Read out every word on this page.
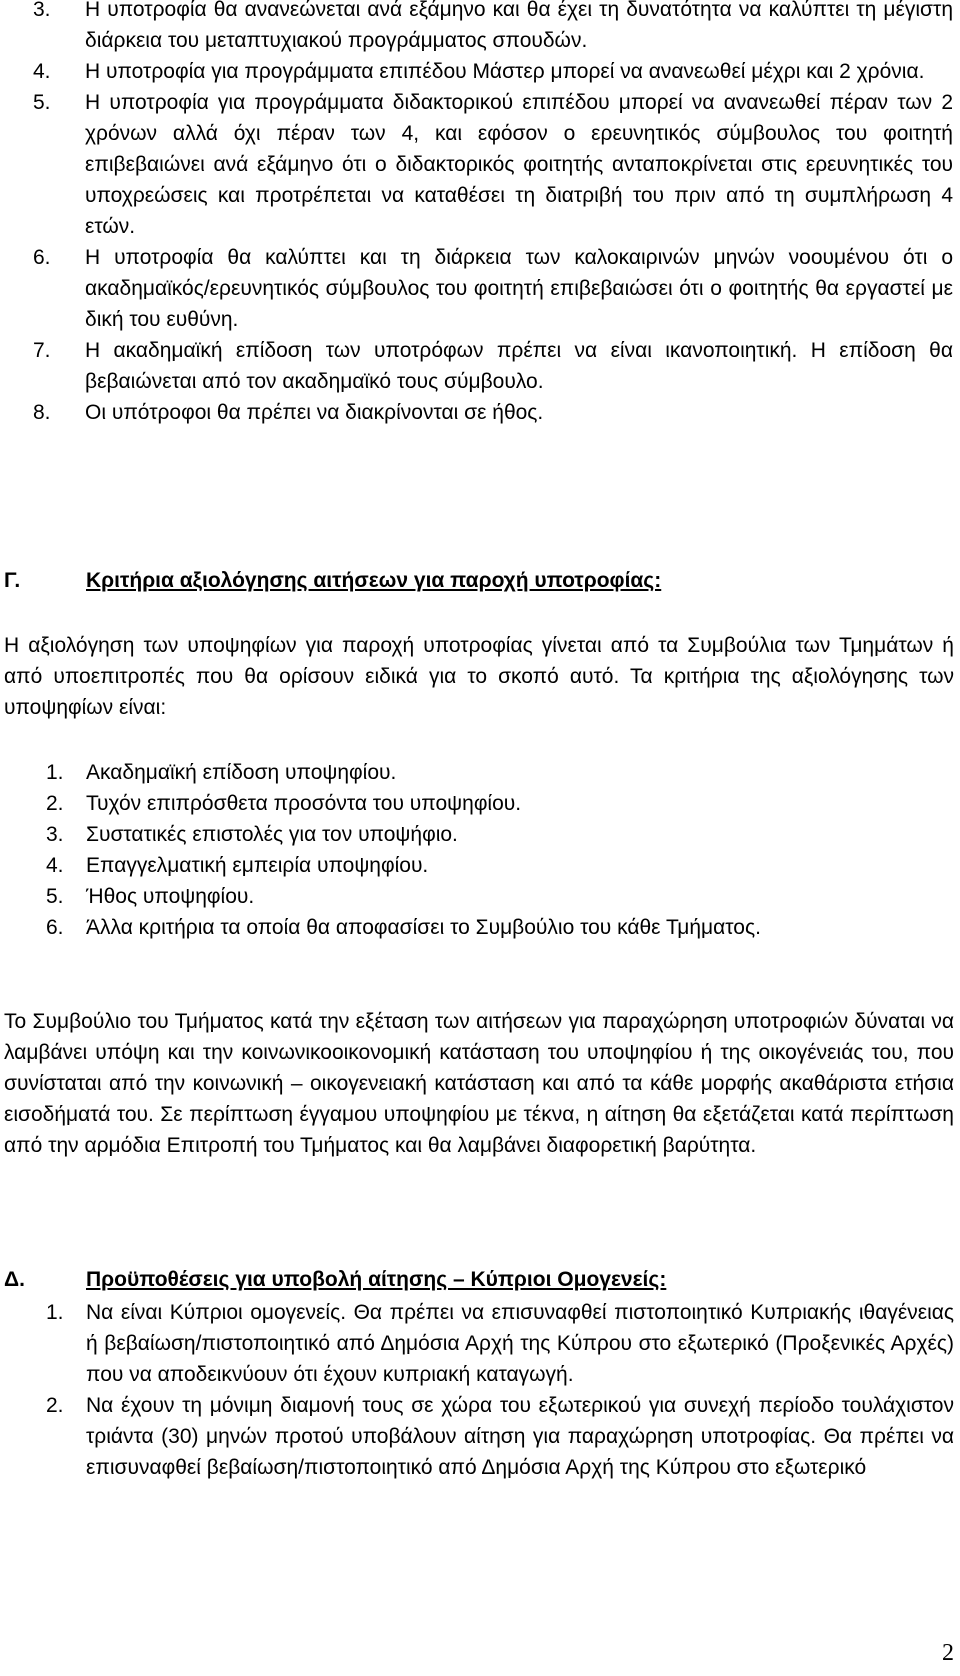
3.	Η υποτροφία θα ανανεώνεται ανά εξάμηνο και θα έχει τη δυνατότητα να καλύπτει τη μέγιστη διάρκεια του μεταπτυχιακού προγράμματος σπουδών.
4.	Η υποτροφία για προγράμματα επιπέδου Μάστερ μπορεί να ανανεωθεί μέχρι και 2 χρόνια.
5.	Η υποτροφία για προγράμματα διδακτορικού επιπέδου μπορεί να ανανεωθεί πέραν των 2 χρόνων αλλά όχι πέραν των 4, και εφόσον ο ερευνητικός σύμβουλος του φοιτητή επιβεβαιώνει ανά εξάμηνο ότι ο διδακτορικός φοιτητής ανταποκρίνεται στις ερευνητικές του υποχρεώσεις και προτρέπεται να καταθέσει τη διατριβή του πριν από τη συμπλήρωση 4 ετών.
6.	Η υποτροφία θα καλύπτει και τη διάρκεια των καλοκαιρινών μηνών νοουμένου ότι ο ακαδημαϊκός/ερευνητικός σύμβουλος του φοιτητή επιβεβαιώσει ότι ο φοιτητής θα εργαστεί με δική του ευθύνη.
7.	Η ακαδημαϊκή επίδοση των υποτρόφων πρέπει να είναι ικανοποιητική. Η επίδοση θα βεβαιώνεται από τον ακαδημαϊκό τους σύμβουλο.
8.	Οι υπότροφοι θα πρέπει να διακρίνονται σε ήθος.
Γ.	Κριτήρια αξιολόγησης αιτήσεων για παροχή υποτροφίας:

Η αξιολόγηση των υποψηφίων για παροχή υποτροφίας γίνεται από τα Συμβούλια των Τμημάτων ή από υποεπιτροπές που θα ορίσουν ειδικά για το σκοπό αυτό. Τα κριτήρια της αξιολόγησης των υποψηφίων είναι:

1.	Ακαδημαϊκή επίδοση υποψηφίου.
2.	Τυχόν επιπρόσθετα προσόντα του υποψηφίου.
3.	Συστατικές επιστολές για τον υποψήφιο.
4.	Επαγγελματική εμπειρία υποψηφίου.
5.	Ήθος υποψηφίου.
6.	Άλλα κριτήρια τα οποία θα αποφασίσει το Συμβούλιο του κάθε Τμήματος.

Το Συμβούλιο του Τμήματος κατά την εξέταση των αιτήσεων για παραχώρηση υποτροφιών δύναται να λαμβάνει υπόψη και την κοινωνικοοικονομική κατάσταση του υποψηφίου ή της οικογένειάς του, που συνίσταται από την κοινωνική – οικογενειακή κατάσταση και από τα κάθε μορφής ακαθάριστα ετήσια εισοδήματά του. Σε περίπτωση έγγαμου υποψηφίου με τέκνα, η αίτηση θα εξετάζεται κατά περίπτωση από την αρμόδια Επιτροπή του Τμήματος και θα λαμβάνει διαφορετική βαρύτητα.

Δ.	Προϋποθέσεις για υποβολή αίτησης – Κύπριοι Ομογενείς:
1.	Να είναι Κύπριοι ομογενείς. Θα πρέπει να επισυναφθεί πιστοποιητικό Κυπριακής ιθαγένειας ή βεβαίωση/πιστοποιητικό από Δημόσια Αρχή της Κύπρου στο εξωτερικό (Προξενικές Αρχές) που να αποδεικνύουν ότι έχουν κυπριακή καταγωγή.
2.	Να έχουν τη μόνιμη διαμονή τους σε χώρα του εξωτερικού για συνεχή περίοδο τουλάχιστον τριάντα (30) μηνών προτού υποβάλουν αίτηση για παραχώρηση υποτροφίας. Θα πρέπει να επισυναφθεί βεβαίωση/πιστοποιητικό από Δημόσια Αρχή της Κύπρου στο εξωτερικό
2
